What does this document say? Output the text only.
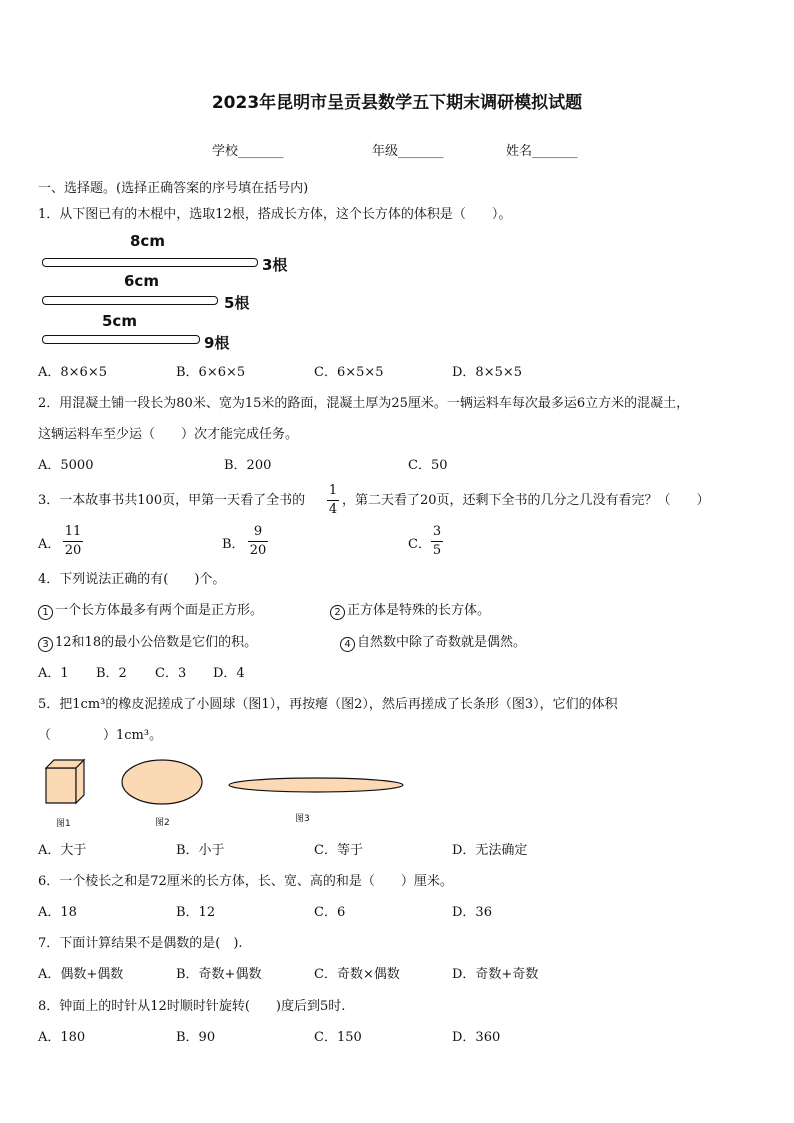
2023年昆明市呈贡县数学五下期末调研模拟试题
学校_______	年级_______	姓名_______
一、选择题。(选择正确答案的序号填在括号内)
1．从下图已有的木棍中，选取12根，搭成长方体，这个长方体的体积是（　　）。
8cm
3根
6cm
5根
5cm
9根
A．8×6×5	B．6×6×5	C．6×5×5	D．8×5×5
2．用混凝土铺一段长为80米、宽为15米的路面，混凝土厚为25厘米。一辆运料车每次最多运6立方米的混凝土，
这辆运料车至少运（　　）次才能完成任务。
A．5000	B．200	C．50
3．一本故事书共100页，甲第一天看了全书的
1
4
，第二天看了20页，还剩下全书的几分之几没有看完？（　　）
A．
11
20	B．
9
20	C．
3
5
4．下列说法正确的有(　　)个。
1 一个长方体最多有两个面是正方形。	2 正方体是特殊的长方体。
3 12和18的最小公倍数是它们的积。	4 自然数中除了奇数就是偶然。
A．1 B．2 C．3 D．4
5．把1cm³的橡皮泥搓成了小圆球（图1），再按瘪（图2），然后再搓成了长条形（图3），它们的体积
（　　　　）1cm³。
图1	图2	图3
A．大于	B．小于	C．等于	D．无法确定
6．一个棱长之和是72厘米的长方体，长、宽、高的和是（　　）厘米。
A．18	B．12	C．6	D．36
7．下面计算结果不是偶数的是(　).
A．偶数+偶数	B．奇数+偶数	C．奇数×偶数	D．奇数+奇数
8．钟面上的时针从12时顺时针旋转(　　)度后到5时.
A．180	B．90	C．150	D．360
